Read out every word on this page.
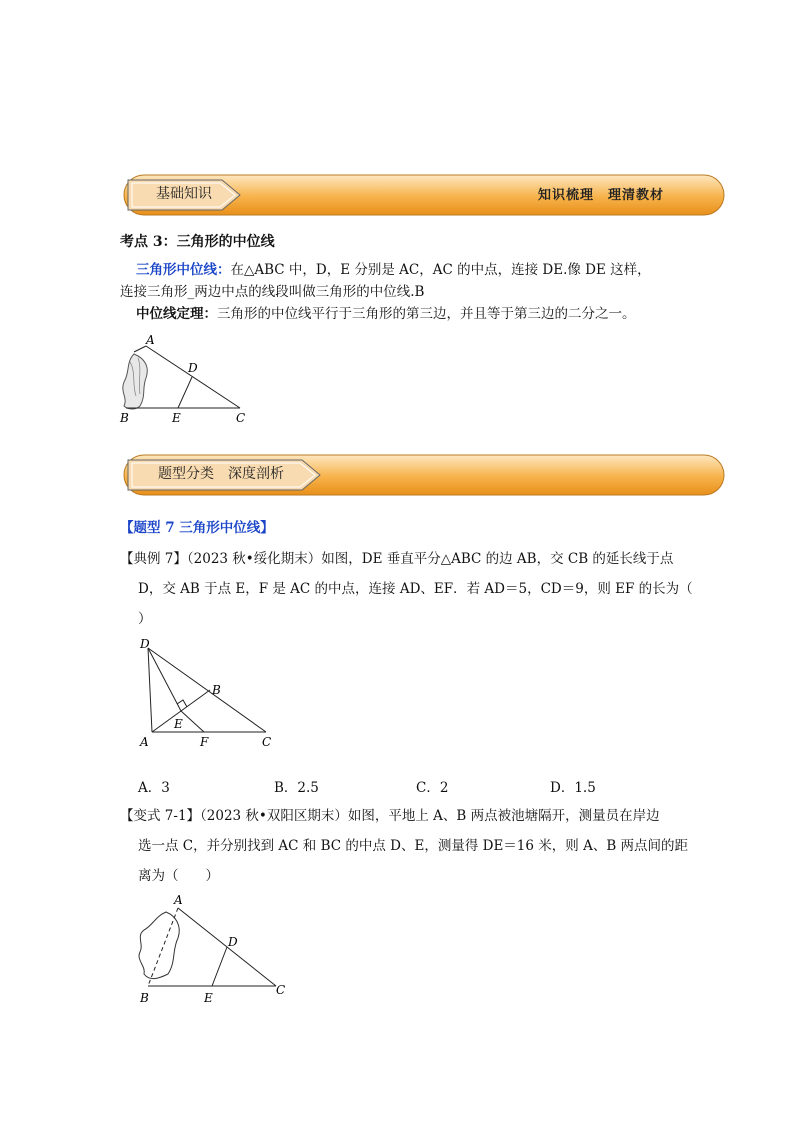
基础知识	知识梳理　理清教材
考点 3：三角形的中位线
三角形中位线：在△ABC 中，D，E 分别是 AC，AC 的中点，连接 DE.像 DE 这样，
连接三角形_两边中点的线段叫做三角形的中位线.B
中位线定理：三角形的中位线平行于三角形的第三边，并且等于第三边的二分之一。
A
D
B	E	C
题型分类　深度剖析
【题型 7 三角形中位线】
【典例 7】（2023 秋•绥化期末）如图，DE 垂直平分△ABC 的边 AB，交 CB 的延长线于点
D，交 AB 于点 E，F 是 AC 的中点，连接 AD、EF．若 AD＝5，CD＝9，则 EF 的长为（
）
D
B
E
A	F	C
A．3	B．2.5	C．2	D．1.5
【变式 7-1】（2023 秋•双阳区期末）如图，平地上 A、B 两点被池塘隔开，测量员在岸边
选一点 C，并分别找到 AC 和 BC 的中点 D、E，测量得 DE＝16 米，则 A、B 两点间的距
离为（　　）
A
D
B	E
C
